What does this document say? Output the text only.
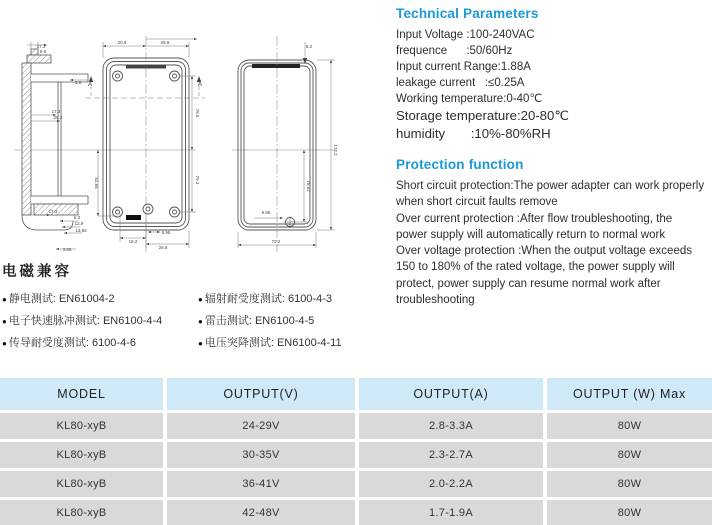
17.3
9.6
3.8
17.3
29.2
17.3
6.3
12.9
13.65
3.65
20.8	28.8
A	A
76.5
76.3
52.65
6.95
15.2
26.8
8.2
172.2
75.62
9.95
72.2
Technical Parameters
Input Voltage :100-240VAC
frequence      :50/60Hz
Input current Range:1.88A
leakage current   :≤0.25A
Working temperature:0-40℃
Storage temperature:20-80℃
humidity       :10%-80%RH
Protection function
Short circuit protection:The power adapter can work properly
when short circuit faults remove
Over current protection :After flow troubleshooting, the
power supply will automatically return to normal work
Over voltage protection :When the output voltage exceeds
150 to 180% of the rated voltage, the power supply will
protect, power supply can resume normal work after
troubleshooting
电磁兼容
● 静电测试: EN61004-2	● 辐射耐受度测试: 6100-4-3
● 电子快速脉冲测试: EN6100-4-4	● 雷击测试: EN6100-4-5
● 传导耐受度测试: 6100-4-6	● 电压突降测试: EN6100-4-11
MODEL	OUTPUT(V)	OUTPUT(A)	OUTPUT (W) Max
KL80-xyB	24-29V	2.8-3.3A	80W
KL80-xyB	30-35V	2.3-2.7A	80W
KL80-xyB	36-41V	2.0-2.2A	80W
KL80-xyB	42-48V	1.7-1.9A	80W
